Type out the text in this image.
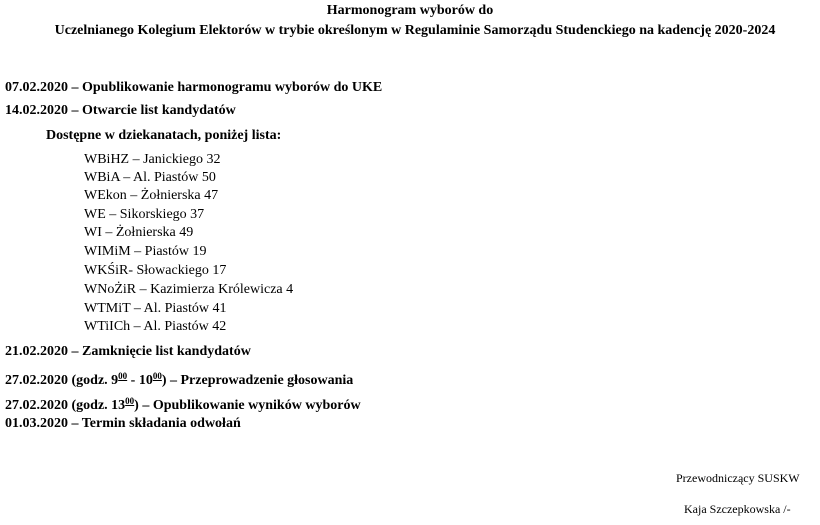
Harmonogram wyborów do
Uczelnianego Kolegium Elektorów w trybie określonym w Regulaminie Samorządu Studenckiego na kadencję 2020-2024
07.02.2020 – Opublikowanie harmonogramu wyborów do UKE
14.02.2020 – Otwarcie list kandydatów
Dostępne w dziekanatach, poniżej lista:
WBiHZ – Janickiego 32
WBiA – Al. Piastów 50
WEkon – Żołnierska 47
WE – Sikorskiego 37
WI – Żołnierska 49
WIMiM – Piastów 19
WKŚiR- Słowackiego 17
WNoŻiR – Kazimierza Królewicza 4
WTMiT – Al. Piastów 41
WTiICh – Al. Piastów 42
21.02.2020 – Zamknięcie list kandydatów
27.02.2020 (godz. $9^{00} - 10^{00}$) – Przeprowadzenie głosowania
27.02.2020 (godz. $13^{00}$) – Opublikowanie wyników wyborów
01.03.2020 – Termin składania odwołań
Przewodniczący SUSKW
Kaja Szczepkowska /-
